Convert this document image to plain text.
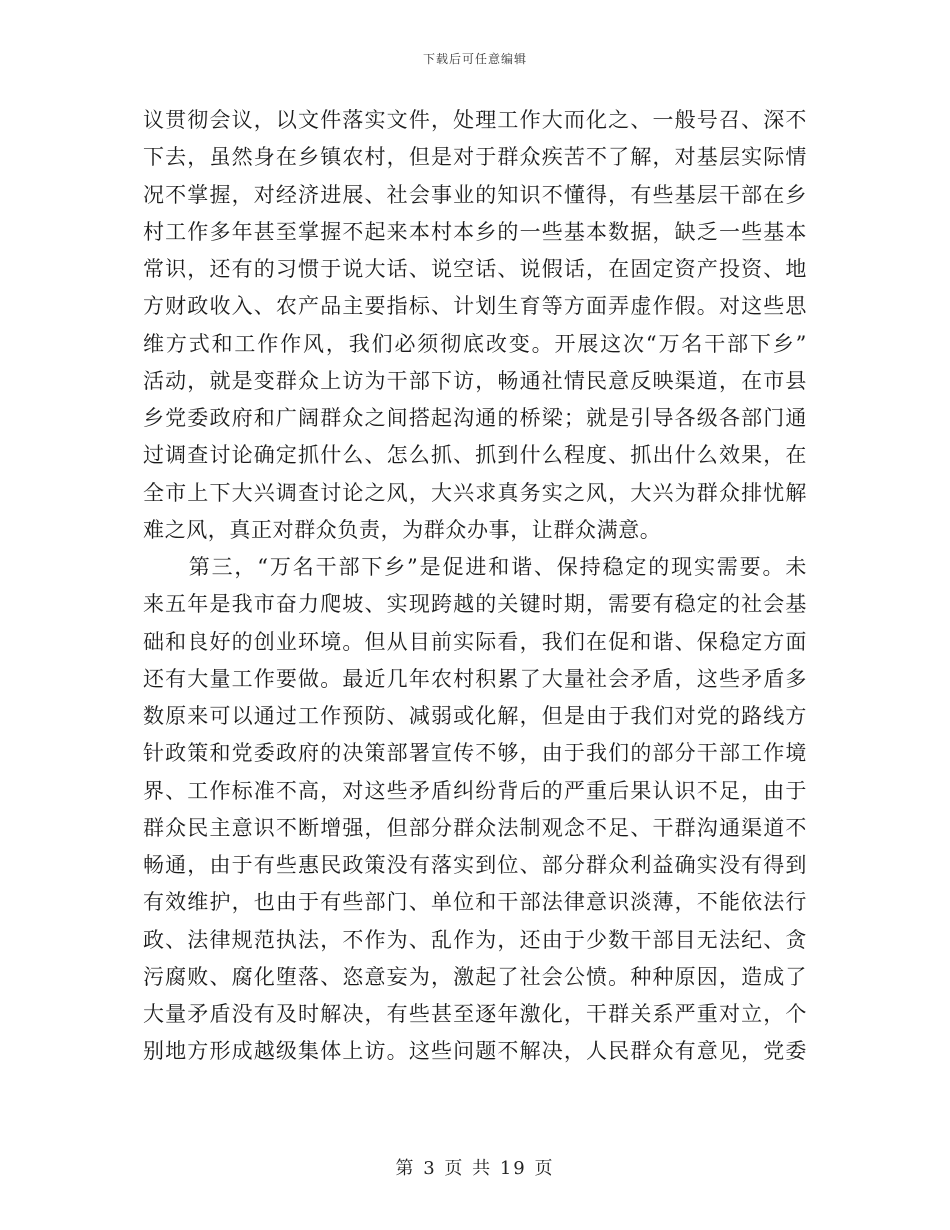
下载后可任意编辑
议贯彻会议，以文件落实文件，处理工作大而化之、一般号召、深不
下去，虽然身在乡镇农村，但是对于群众疾苦不了解，对基层实际情
况不掌握，对经济进展、社会事业的知识不懂得，有些基层干部在乡
村工作多年甚至掌握不起来本村本乡的一些基本数据，缺乏一些基本
常识，还有的习惯于说大话、说空话、说假话，在固定资产投资、地
方财政收入、农产品主要指标、计划生育等方面弄虚作假。对这些思
维方式和工作作风，我们必须彻底改变。开展这次“万名干部下乡”
活动，就是变群众上访为干部下访，畅通社情民意反映渠道，在市县
乡党委政府和广阔群众之间搭起沟通的桥梁；就是引导各级各部门通
过调查讨论确定抓什么、怎么抓、抓到什么程度、抓出什么效果，在
全市上下大兴调查讨论之风，大兴求真务实之风，大兴为群众排忧解
难之风，真正对群众负责，为群众办事，让群众满意。
　　第三，“万名干部下乡”是促进和谐、保持稳定的现实需要。未
来五年是我市奋力爬坡、实现跨越的关键时期，需要有稳定的社会基
础和良好的创业环境。但从目前实际看，我们在促和谐、保稳定方面
还有大量工作要做。最近几年农村积累了大量社会矛盾，这些矛盾多
数原来可以通过工作预防、减弱或化解，但是由于我们对党的路线方
针政策和党委政府的决策部署宣传不够，由于我们的部分干部工作境
界、工作标准不高，对这些矛盾纠纷背后的严重后果认识不足，由于
群众民主意识不断增强，但部分群众法制观念不足、干群沟通渠道不
畅通，由于有些惠民政策没有落实到位、部分群众利益确实没有得到
有效维护，也由于有些部门、单位和干部法律意识淡薄，不能依法行
政、法律规范执法，不作为、乱作为，还由于少数干部目无法纪、贪
污腐败、腐化堕落、恣意妄为，激起了社会公愤。种种原因，造成了
大量矛盾没有及时解决，有些甚至逐年激化，干群关系严重对立，个
别地方形成越级集体上访。这些问题不解决，人民群众有意见，党委
第 3 页 共 19 页
